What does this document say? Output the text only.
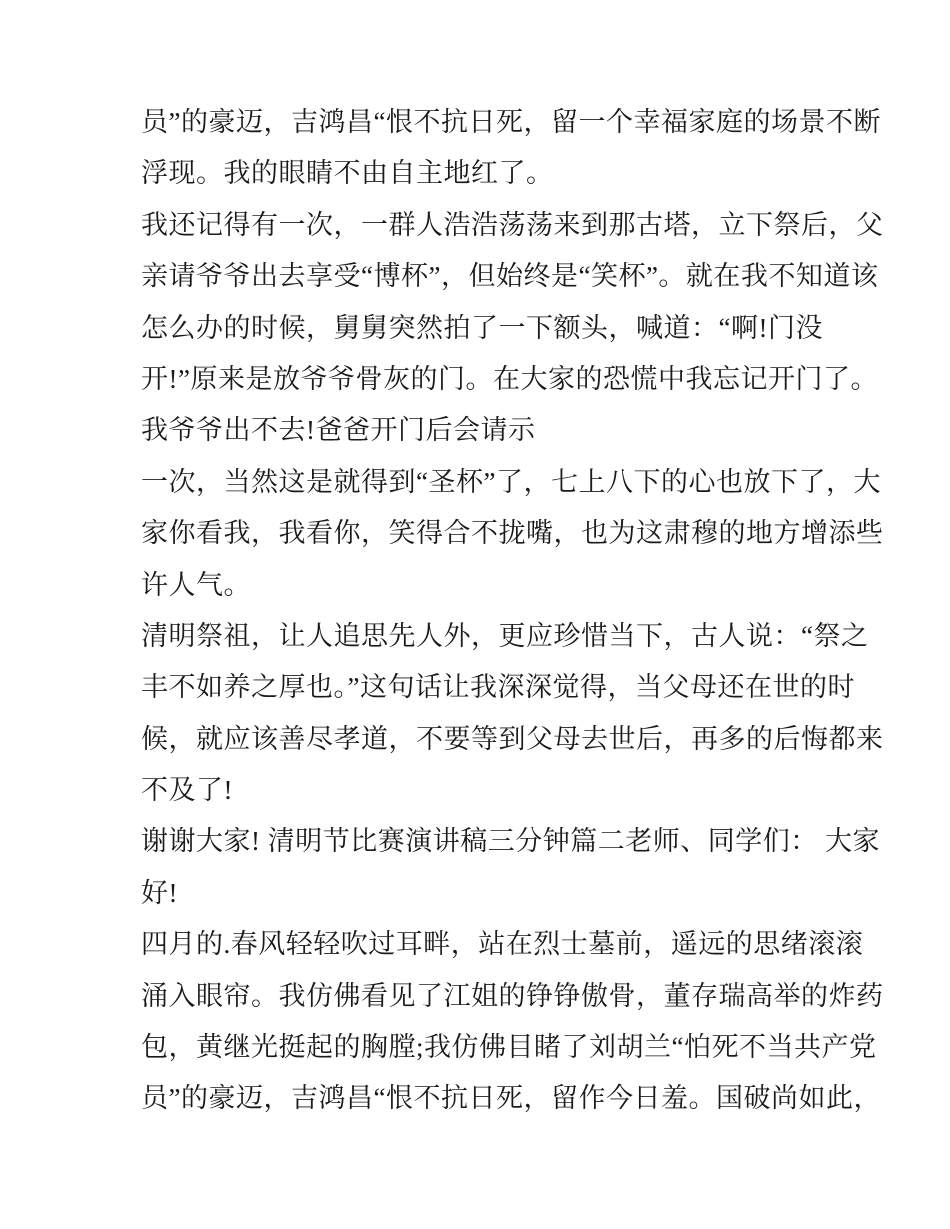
员”的豪迈，吉鸿昌“恨不抗日死，留一个幸福家庭的场景不断

浮现。我的眼睛不由自主地红了。

我还记得有一次，一群人浩浩荡荡来到那古塔，立下祭后，父

亲请爷爷出去享受“博杯”，但始终是“笑杯”。就在我不知道该

怎么办的时候，舅舅突然拍了一下额头，喊道：“啊!门没

开!”原来是放爷爷骨灰的门。在大家的恐慌中我忘记开门了。

我爷爷出不去!爸爸开门后会请示

一次，当然这是就得到“圣杯”了，七上八下的心也放下了，大

家你看我，我看你，笑得合不拢嘴，也为这肃穆的地方增添些

许人气。

清明祭祖，让人追思先人外，更应珍惜当下，古人说：“祭之

丰不如养之厚也。”这句话让我深深觉得，当父母还在世的时

候，就应该善尽孝道，不要等到父母去世后，再多的后悔都来

不及了!

谢谢大家! 清明节比赛演讲稿三分钟篇二老师、同学们： 大家

好!

四月的.春风轻轻吹过耳畔，站在烈士墓前，遥远的思绪滚滚

涌入眼帘。我仿佛看见了江姐的铮铮傲骨，董存瑞高举的炸药

包，黄继光挺起的胸膛;我仿佛目睹了刘胡兰“怕死不当共产党

员”的豪迈，吉鸿昌“恨不抗日死，留作今日羞。国破尚如此，
